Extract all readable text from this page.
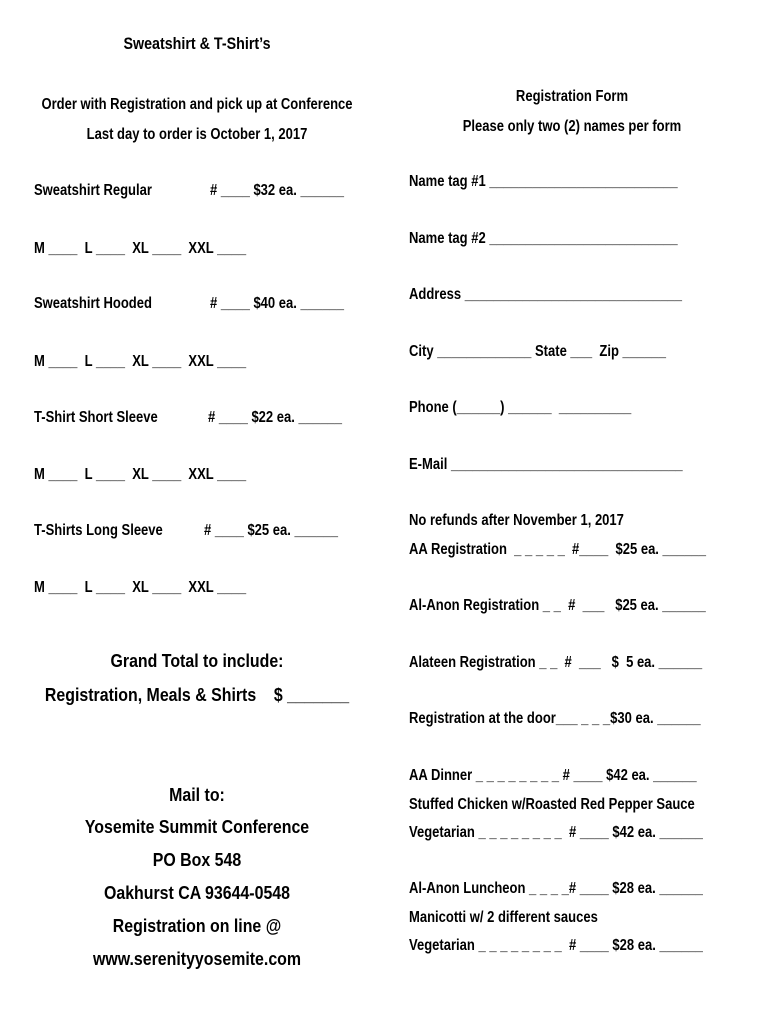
Sweatshirt & T-Shirt’s
Order with Registration and pick up at Conference
Last day to order is October 1, 2017
Sweatshirt Regular	# ____ $32 ea. ______
M ____  L ____  XL ____  XXL ____
Sweatshirt Hooded	# ____ $40 ea. ______
M ____  L ____  XL ____  XXL ____
T-Shirt Short Sleeve	# ____ $22 ea. ______
M ____  L ____  XL ____  XXL ____
T-Shirts Long Sleeve	# ____ $25 ea. ______
M ____  L ____  XL ____  XXL ____
Grand Total to include:
Registration, Meals & Shirts    $ _______
Mail to:
Yosemite Summit Conference
PO Box 548
Oakhurst CA 93644-0548
Registration on line @
www.serenityyosemite.com
Registration Form
Please only two (2) names per form
Name tag #1 __________________________
Name tag #2 __________________________
Address ______________________________
City _____________ State ___  Zip ______
Phone (______) ______  __________
E-Mail ________________________________
No refunds after November 1, 2017
AA Registration  _ _ _ _ _  #____  $25 ea. ______
Al-Anon Registration _ _  #  ___   $25 ea. ______
Alateen Registration _ _  #  ___   $  5 ea. ______
Registration at the door___ _ _ _$30 ea. ______
AA Dinner _ _ _ _ _ _ _ _ # ____ $42 ea. ______
Stuffed Chicken w/Roasted Red Pepper Sauce
Vegetarian _ _ _ _ _ _ _ _  # ____ $42 ea. ______
Al-Anon Luncheon _ _ _ _# ____ $28 ea. ______
Manicotti w/ 2 different sauces
Vegetarian _ _ _ _ _ _ _ _  # ____ $28 ea. ______
